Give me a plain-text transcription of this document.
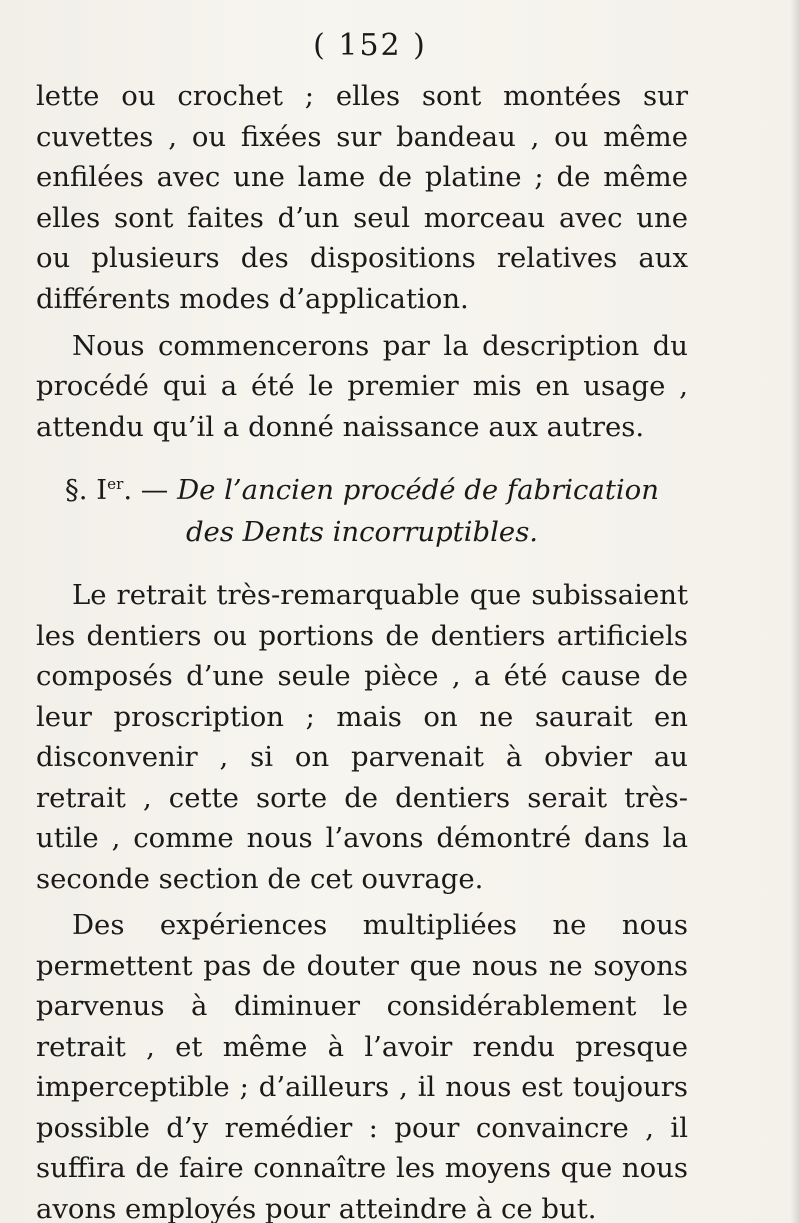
( 152 )

lette ou crochet ; elles sont montées sur cuvettes , ou fixées sur bandeau , ou même enfilées avec une lame de platine ; de même elles sont faites d’un seul morceau avec une ou plusieurs des dispositions relatives aux différents modes d’application.

Nous commencerons par la description du procédé qui a été le premier mis en usage , attendu qu’il a donné naissance aux autres.

§. Ier. — De l’ancien procédé de fabrication
des Dents incorruptibles.

Le retrait très-remarquable que subissaient les dentiers ou portions de dentiers artificiels composés d’une seule pièce , a été cause de leur proscription ; mais on ne saurait en disconvenir , si on parvenait à obvier au retrait , cette sorte de dentiers serait très-utile , comme nous l’avons démontré dans la seconde section de cet ouvrage.

Des expériences multipliées ne nous permettent pas de douter que nous ne soyons parvenus à diminuer considérablement le retrait , et même à l’avoir rendu presque imperceptible ; d’ailleurs , il nous est toujours possible d’y remédier : pour convaincre , il suffira de faire connaître les moyens que nous avons employés pour atteindre à ce but.
